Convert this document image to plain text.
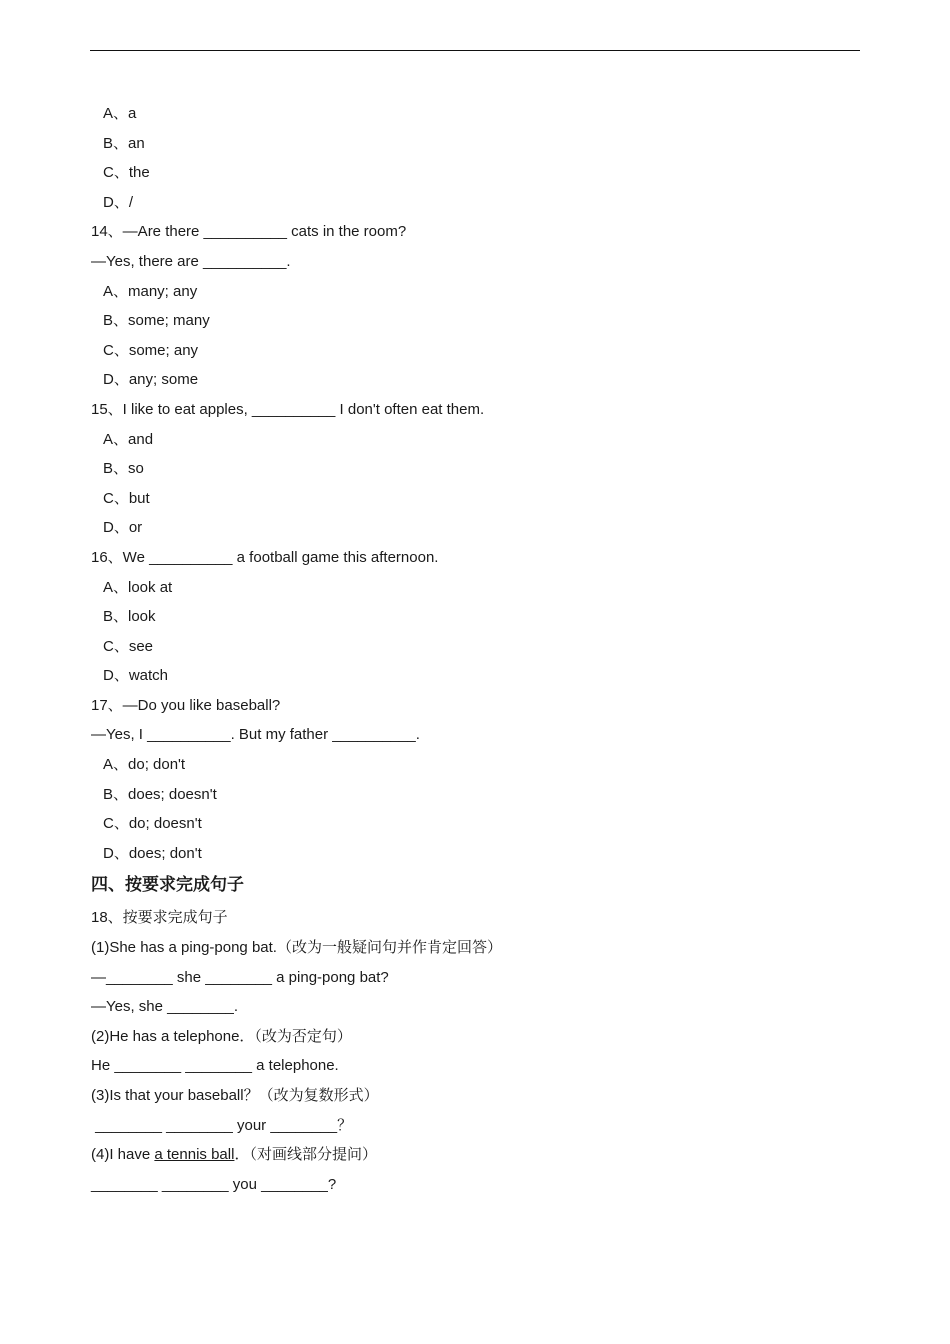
A、a
B、an
C、the
D、/
14、—Are there __________ cats in the room?
—Yes, there are __________.
A、many; any
B、some; many
C、some; any
D、any; some
15、I like to eat apples, __________ I don't often eat them.
A、and
B、so
C、but
D、or
16、We __________ a football game this afternoon.
A、look at
B、look
C、see
D、watch
17、—Do you like baseball?
—Yes, I __________. But my father __________.
A、do; don't
B、does; doesn't
C、do; doesn't
D、does; don't
四、按要求完成句子
18、按要求完成句子
(1)She has a ping-pong bat.（改为一般疑问句并作肯定回答）
—________ she ________ a ping-pong bat?
—Yes, she ________.
(2)He has a telephone．（改为否定句）
He ________ ________ a telephone.
(3)Is that your baseball？（改为复数形式）
________ ________ your ________？
(4)I have a tennis ball．（对画线部分提问）
________ ________ you ________?
